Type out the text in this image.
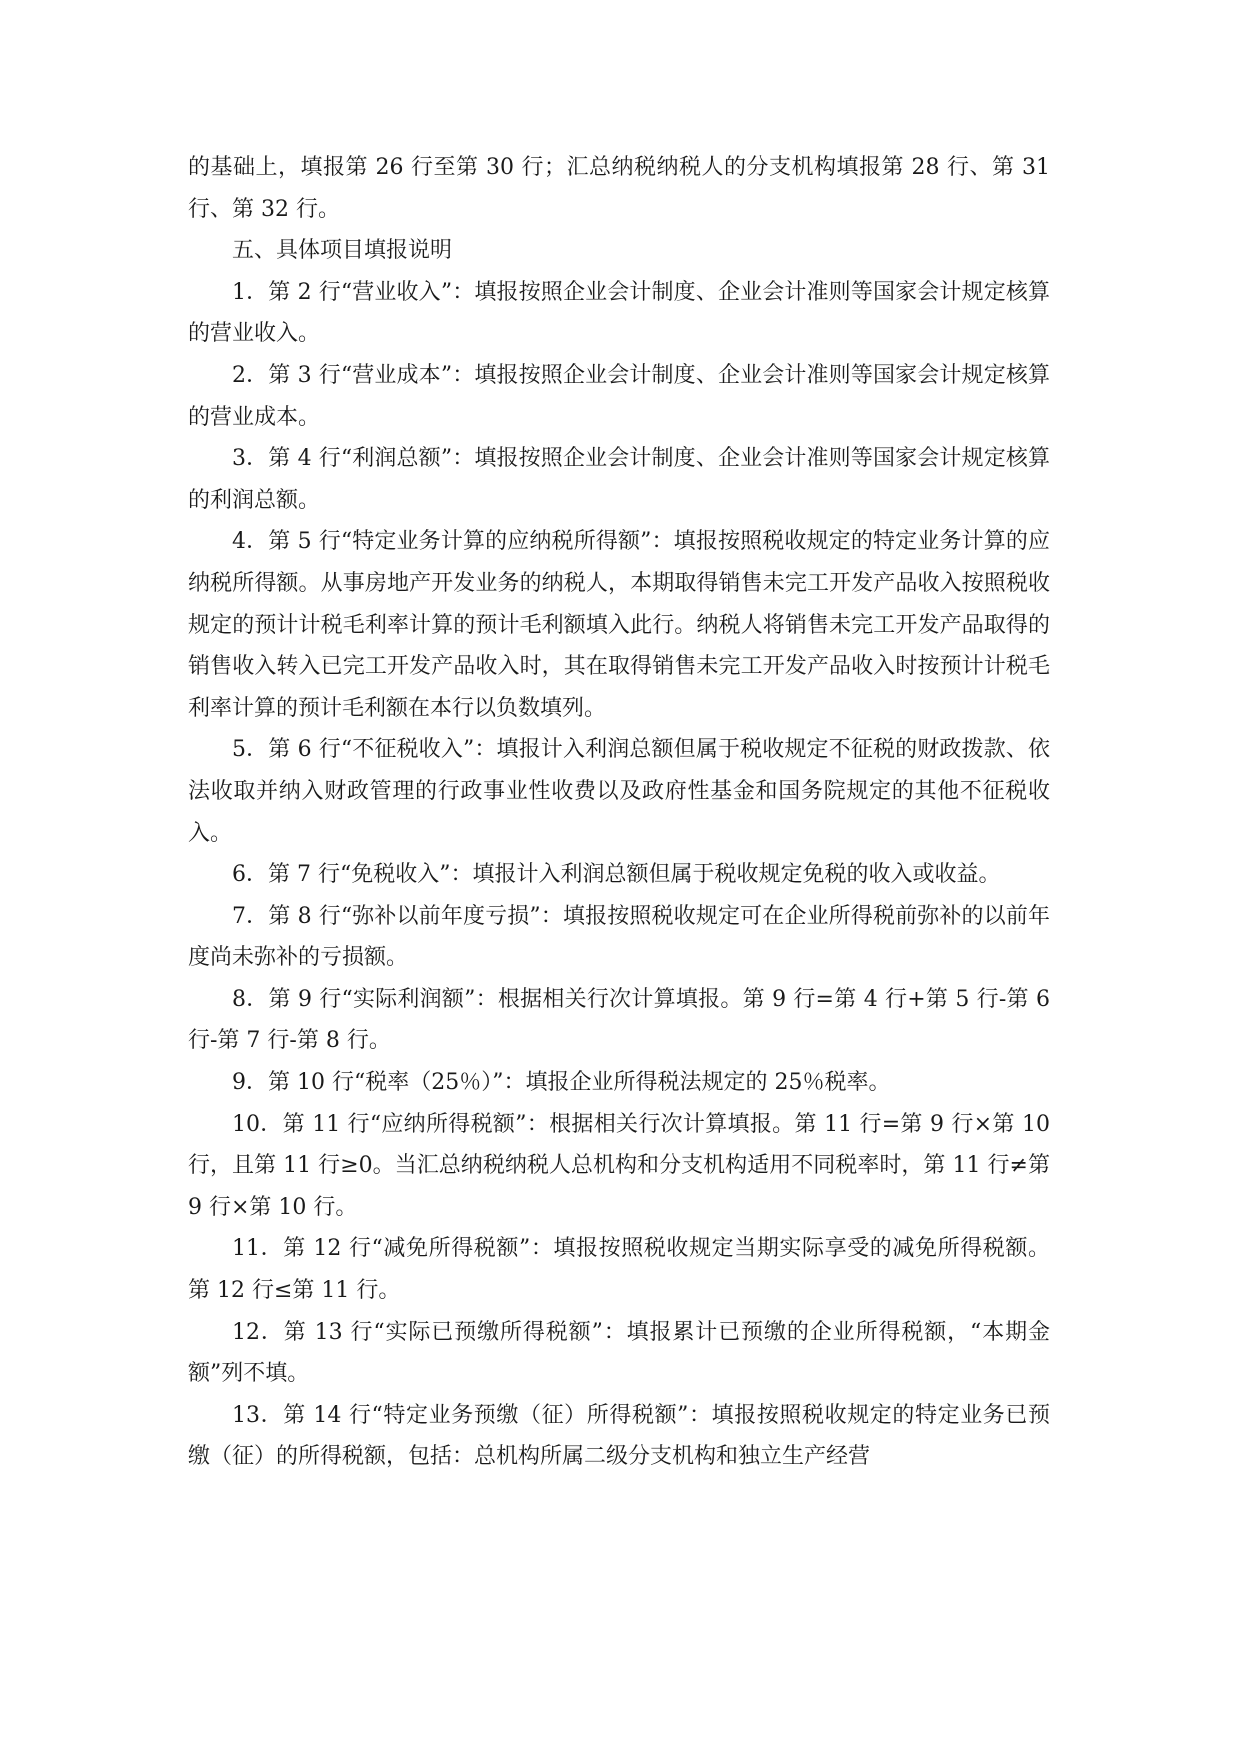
的基础上，填报第 26 行至第 30 行；汇总纳税纳税人的分支机构填报第 28 行、第 31 行、第 32 行。

五、具体项目填报说明

1．第 2 行“营业收入”：填报按照企业会计制度、企业会计准则等国家会计规定核算的营业收入。

2．第 3 行“营业成本”：填报按照企业会计制度、企业会计准则等国家会计规定核算的营业成本。

3．第 4 行“利润总额”：填报按照企业会计制度、企业会计准则等国家会计规定核算的利润总额。

4．第 5 行“特定业务计算的应纳税所得额”：填报按照税收规定的特定业务计算的应纳税所得额。从事房地产开发业务的纳税人，本期取得销售未完工开发产品收入按照税收规定的预计计税毛利率计算的预计毛利额填入此行。纳税人将销售未完工开发产品取得的销售收入转入已完工开发产品收入时，其在取得销售未完工开发产品收入时按预计计税毛利率计算的预计毛利额在本行以负数填列。

5．第 6 行“不征税收入”：填报计入利润总额但属于税收规定不征税的财政拨款、依法收取并纳入财政管理的行政事业性收费以及政府性基金和国务院规定的其他不征税收入。

6．第 7 行“免税收入”：填报计入利润总额但属于税收规定免税的收入或收益。

7．第 8 行“弥补以前年度亏损”：填报按照税收规定可在企业所得税前弥补的以前年度尚未弥补的亏损额。

8．第 9 行“实际利润额”：根据相关行次计算填报。第 9 行=第 4 行+第 5 行-第 6 行-第 7 行-第 8 行。

9．第 10 行“税率（25％）”：填报企业所得税法规定的 25％税率。

10．第 11 行“应纳所得税额”：根据相关行次计算填报。第 11 行=第 9 行×第 10 行，且第 11 行≥0。当汇总纳税纳税人总机构和分支机构适用不同税率时，第 11 行≠第 9 行×第 10 行。

11．第 12 行“减免所得税额”：填报按照税收规定当期实际享受的减免所得税额。第 12 行≤第 11 行。

12．第 13 行“实际已预缴所得税额”：填报累计已预缴的企业所得税额，“本期金额”列不填。

13．第 14 行“特定业务预缴（征）所得税额”：填报按照税收规定的特定业务已预缴（征）的所得税额，包括：总机构所属二级分支机构和独立生产经营
